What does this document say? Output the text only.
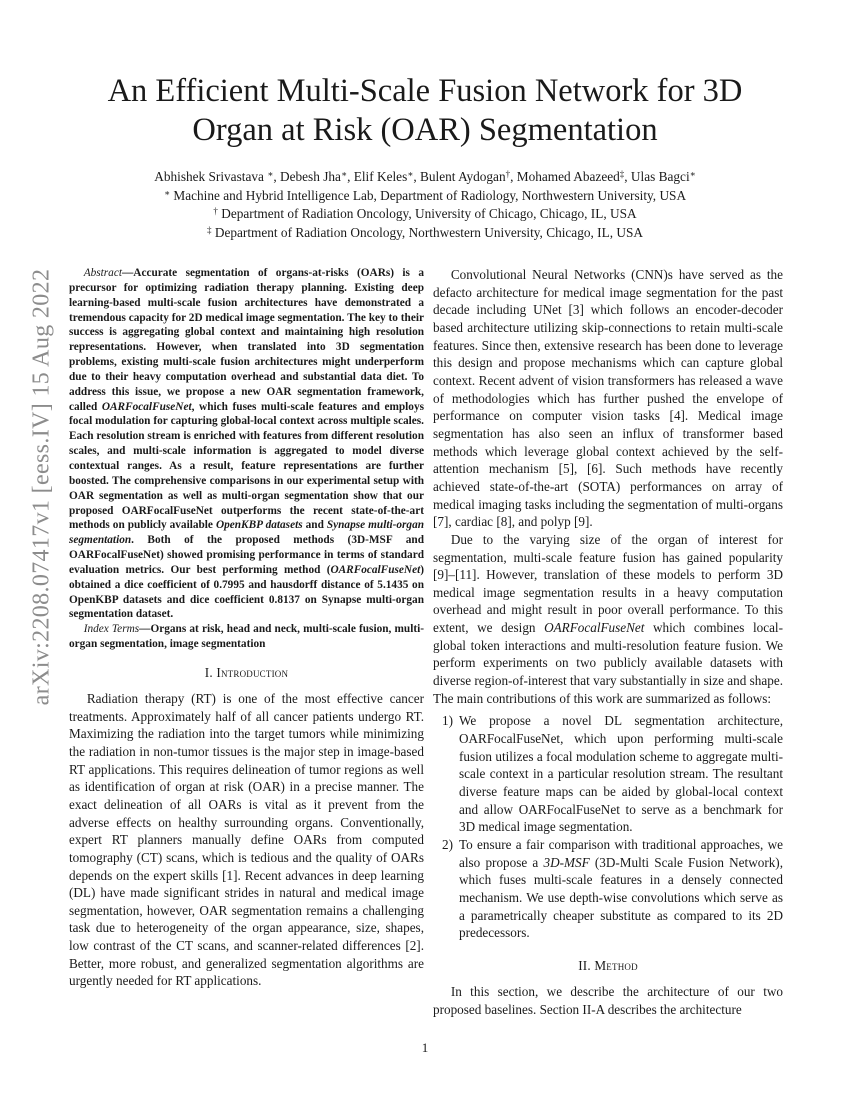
arXiv:2208.07417v1 [eess.IV] 15 Aug 2022
An Efficient Multi-Scale Fusion Network for 3D
Organ at Risk (OAR) Segmentation
Abhishek Srivastava ∗, Debesh Jha∗, Elif Keles∗, Bulent Aydogan†, Mohamed Abazeed‡, Ulas Bagci∗
∗ Machine and Hybrid Intelligence Lab, Department of Radiology, Northwestern University, USA
† Department of Radiation Oncology, University of Chicago, Chicago, IL, USA
‡ Department of Radiation Oncology, Northwestern University, Chicago, IL, USA

Abstract—Accurate segmentation of organs-at-risks (OARs) is a precursor for optimizing radiation therapy planning. Existing deep learning-based multi-scale fusion architectures have demonstrated a tremendous capacity for 2D medical image segmentation. The key to their success is aggregating global context and maintaining high resolution representations. However, when translated into 3D segmentation problems, existing multi-scale fusion architectures might underperform due to their heavy computation overhead and substantial data diet. To address this issue, we propose a new OAR segmentation framework, called OARFocalFuseNet, which fuses multi-scale features and employs focal modulation for capturing global-local context across multiple scales. Each resolution stream is enriched with features from different resolution scales, and multi-scale information is aggregated to model diverse contextual ranges. As a result, feature representations are further boosted. The comprehensive comparisons in our experimental setup with OAR segmentation as well as multi-organ segmentation show that our proposed OARFocalFuseNet outperforms the recent state-of-the-art methods on publicly available OpenKBP datasets and Synapse multi-organ segmentation. Both of the proposed methods (3D-MSF and OARFocalFuseNet) showed promising performance in terms of standard evaluation metrics. Our best performing method (OARFocalFuseNet) obtained a dice coefficient of 0.7995 and hausdorff distance of 5.1435 on OpenKBP datasets and dice coefficient 0.8137 on Synapse multi-organ segmentation dataset.

Index Terms—Organs at risk, head and neck, multi-scale fusion, multi-organ segmentation, image segmentation

I. Introduction

Radiation therapy (RT) is one of the most effective cancer treatments. Approximately half of all cancer patients undergo RT. Maximizing the radiation into the target tumors while minimizing the radiation in non-tumor tissues is the major step in image-based RT applications. This requires delineation of tumor regions as well as identification of organ at risk (OAR) in a precise manner. The exact delineation of all OARs is vital as it prevent from the adverse effects on healthy surrounding organs. Conventionally, expert RT planners manually define OARs from computed tomography (CT) scans, which is tedious and the quality of OARs depends on the expert skills [1]. Recent advances in deep learning (DL) have made significant strides in natural and medical image segmentation, however, OAR segmentation remains a challenging task due to heterogeneity of the organ appearance, size, shapes, low contrast of the CT scans, and scanner-related differences [2]. Better, more robust, and generalized segmentation algorithms are urgently needed for RT applications.

Convolutional Neural Networks (CNN)s have served as the defacto architecture for medical image segmentation for the past decade including UNet [3] which follows an encoder-decoder based architecture utilizing skip-connections to retain multi-scale features. Since then, extensive research has been done to leverage this design and propose mechanisms which can capture global context. Recent advent of vision transformers has released a wave of methodologies which has further pushed the envelope of performance on computer vision tasks [4]. Medical image segmentation has also seen an influx of transformer based methods which leverage global context achieved by the self-attention mechanism [5], [6]. Such methods have recently achieved state-of-the-art (SOTA) performances on array of medical imaging tasks including the segmentation of multi-organs [7], cardiac [8], and polyp [9].

Due to the varying size of the organ of interest for segmentation, multi-scale feature fusion has gained popularity [9]–[11]. However, translation of these models to perform 3D medical image segmentation results in a heavy computation overhead and might result in poor overall performance. To this extent, we design OARFocalFuseNet which combines local-global token interactions and multi-resolution feature fusion. We perform experiments on two publicly available datasets with diverse region-of-interest that vary substantially in size and shape. The main contributions of this work are summarized as follows:

1) We propose a novel DL segmentation architecture, OARFocalFuseNet, which upon performing multi-scale fusion utilizes a focal modulation scheme to aggregate multi-scale context in a particular resolution stream. The resultant diverse feature maps can be aided by global-local context and allow OARFocalFuseNet to serve as a benchmark for 3D medical image segmentation.
2) To ensure a fair comparison with traditional approaches, we also propose a 3D-MSF (3D-Multi Scale Fusion Network), which fuses multi-scale features in a densely connected mechanism. We use depth-wise convolutions which serve as a parametrically cheaper substitute as compared to its 2D predecessors.
II. Method

In this section, we describe the architecture of our two proposed baselines. Section II-A describes the architecture

1
